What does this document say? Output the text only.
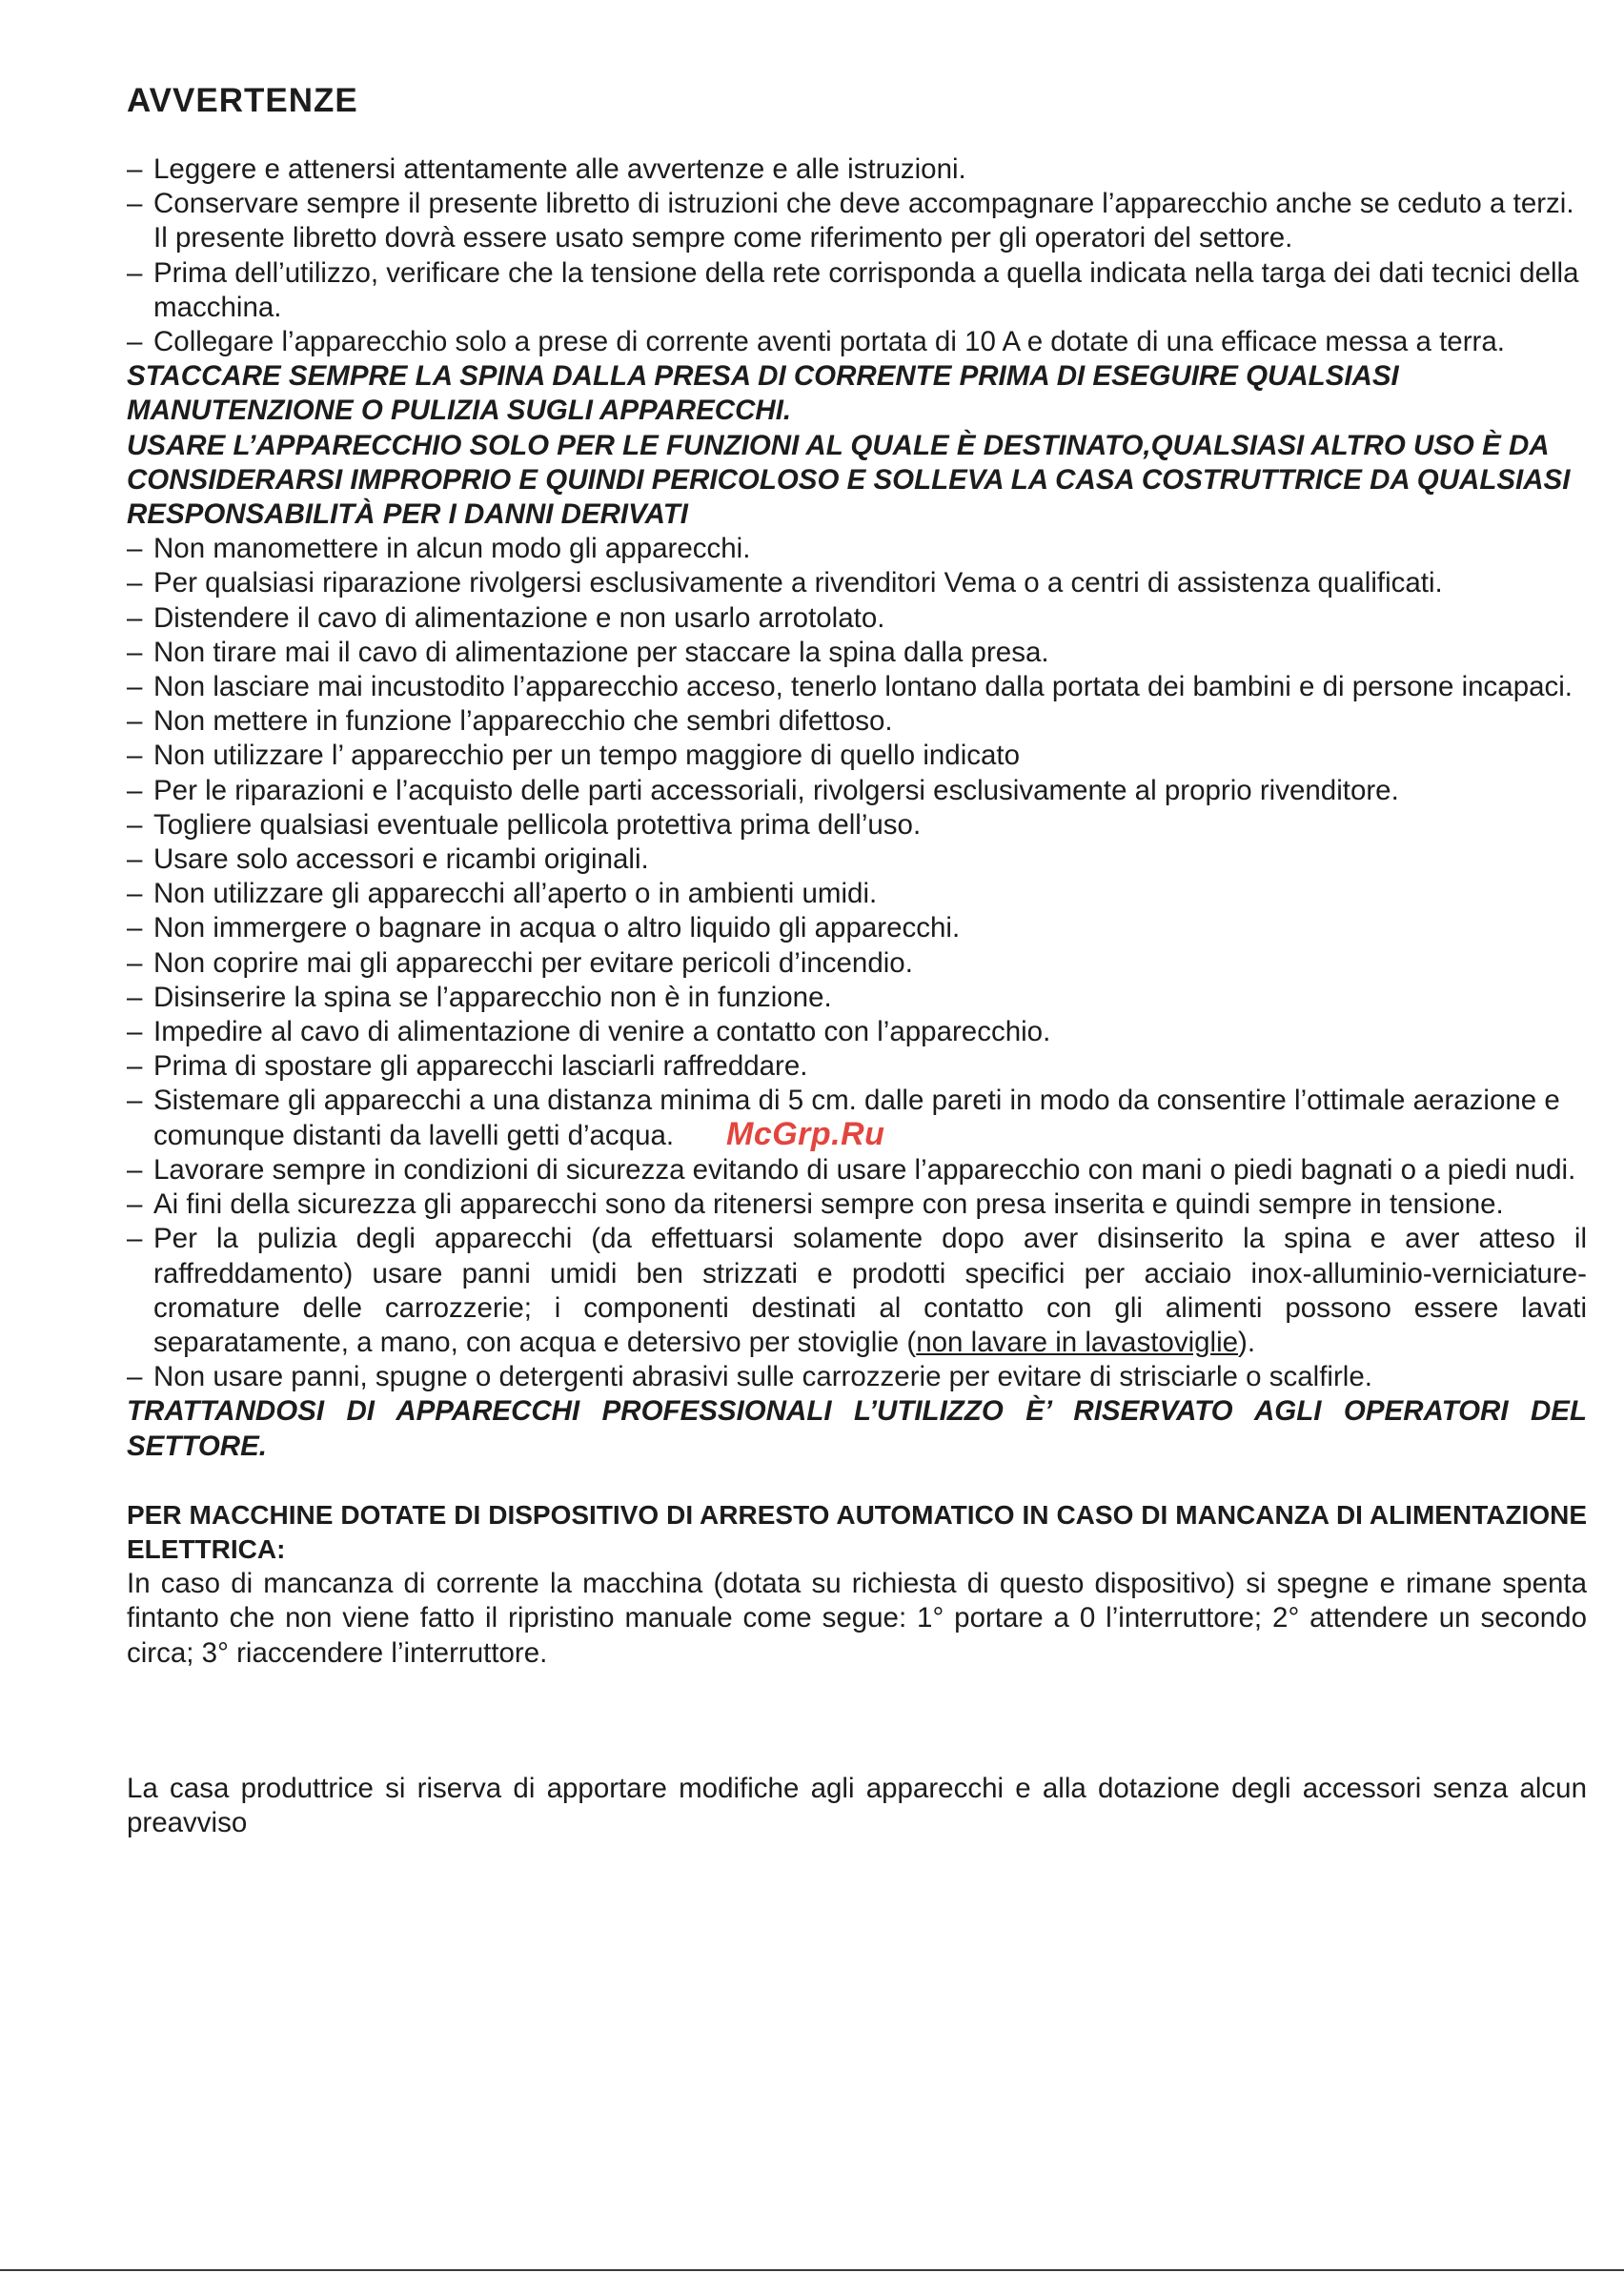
AVVERTENZE
– Leggere e attenersi attentamente alle avvertenze e alle istruzioni.
– Conservare sempre il presente libretto di istruzioni che deve accompagnare l’apparecchio anche se ceduto a terzi. Il presente libretto dovrà essere usato sempre come riferimento per gli operatori del settore.
– Prima dell’utilizzo, verificare che la tensione della rete corrisponda a quella indicata nella targa dei dati tecnici della macchina.
– Collegare l’apparecchio solo a prese di corrente aventi portata di 10 A e dotate di una efficace messa a terra.
STACCARE SEMPRE LA SPINA DALLA PRESA DI CORRENTE PRIMA DI ESEGUIRE QUALSIASI MANUTENZIONE O PULIZIA SUGLI APPARECCHI.
USARE L’APPARECCHIO SOLO PER LE FUNZIONI AL QUALE È DESTINATO,QUALSIASI ALTRO USO È DA CONSIDERARSI IMPROPRIO E QUINDI PERICOLOSO E SOLLEVA LA CASA COSTRUTTRICE DA QUALSIASI RESPONSABILITÀ PER I DANNI DERIVATI
– Non manomettere in alcun modo gli apparecchi.
– Per qualsiasi riparazione rivolgersi esclusivamente a rivenditori Vema o a centri di assistenza qualificati.
– Distendere il cavo di alimentazione e non usarlo arrotolato.
– Non tirare mai il cavo di alimentazione per staccare la spina dalla presa.
– Non lasciare mai incustodito l’apparecchio acceso, tenerlo lontano dalla portata dei bambini e di persone incapaci.
– Non mettere in funzione l’apparecchio che sembri difettoso.
– Non utilizzare l’ apparecchio per un tempo maggiore di quello indicato
– Per le riparazioni e l’acquisto delle parti accessoriali, rivolgersi esclusivamente al proprio rivenditore.
– Togliere qualsiasi eventuale pellicola protettiva prima dell’uso.
– Usare solo accessori e ricambi originali.
– Non utilizzare gli apparecchi all’aperto o in ambienti umidi.
– Non immergere o bagnare in acqua o altro liquido gli apparecchi.
– Non coprire mai gli apparecchi per evitare pericoli d’incendio.
– Disinserire la spina se l’apparecchio non è in funzione.
– Impedire al cavo di alimentazione di venire a contatto con l’apparecchio.
– Prima di spostare gli apparecchi lasciarli raffreddare.
– Sistemare gli apparecchi a una distanza minima di 5 cm. dalle pareti in modo da consentire l’ottimale aerazione e comunque distanti da lavelli getti d’acqua.
– Lavorare sempre in condizioni di sicurezza evitando di usare l’apparecchio con mani o piedi bagnati o a piedi nudi.
– Ai fini della sicurezza gli apparecchi sono da ritenersi sempre con presa inserita e quindi sempre in tensione.
– Per la pulizia degli apparecchi (da effettuarsi solamente dopo aver disinserito la spina e aver atteso il raffreddamento) usare panni umidi ben strizzati e prodotti specifici per acciaio inox-alluminio-verniciature-cromature delle carrozzerie; i componenti destinati al contatto con gli alimenti possono essere lavati separatamente, a mano, con acqua e detersivo per stoviglie (non lavare in lavastoviglie).
– Non usare panni, spugne o detergenti abrasivi sulle carrozzerie per evitare di strisciarle o scalfirle.
TRATTANDOSI DI APPARECCHI PROFESSIONALI L’UTILIZZO È’ RISERVATO AGLI OPERATORI DEL SETTORE.
PER MACCHINE DOTATE DI DISPOSITIVO DI ARRESTO AUTOMATICO IN CASO DI MANCANZA DI ALIMENTAZIONE ELETTRICA:
In caso di mancanza di corrente la macchina (dotata su richiesta di questo dispositivo) si spegne e rimane spenta fintanto che non viene fatto il ripristino manuale come segue: 1° portare a 0 l’interruttore; 2° attendere un secondo circa; 3° riaccendere l’interruttore.
La casa produttrice si riserva di apportare modifiche agli apparecchi e alla dotazione degli accessori senza alcun preavviso
McGrp.Ru
